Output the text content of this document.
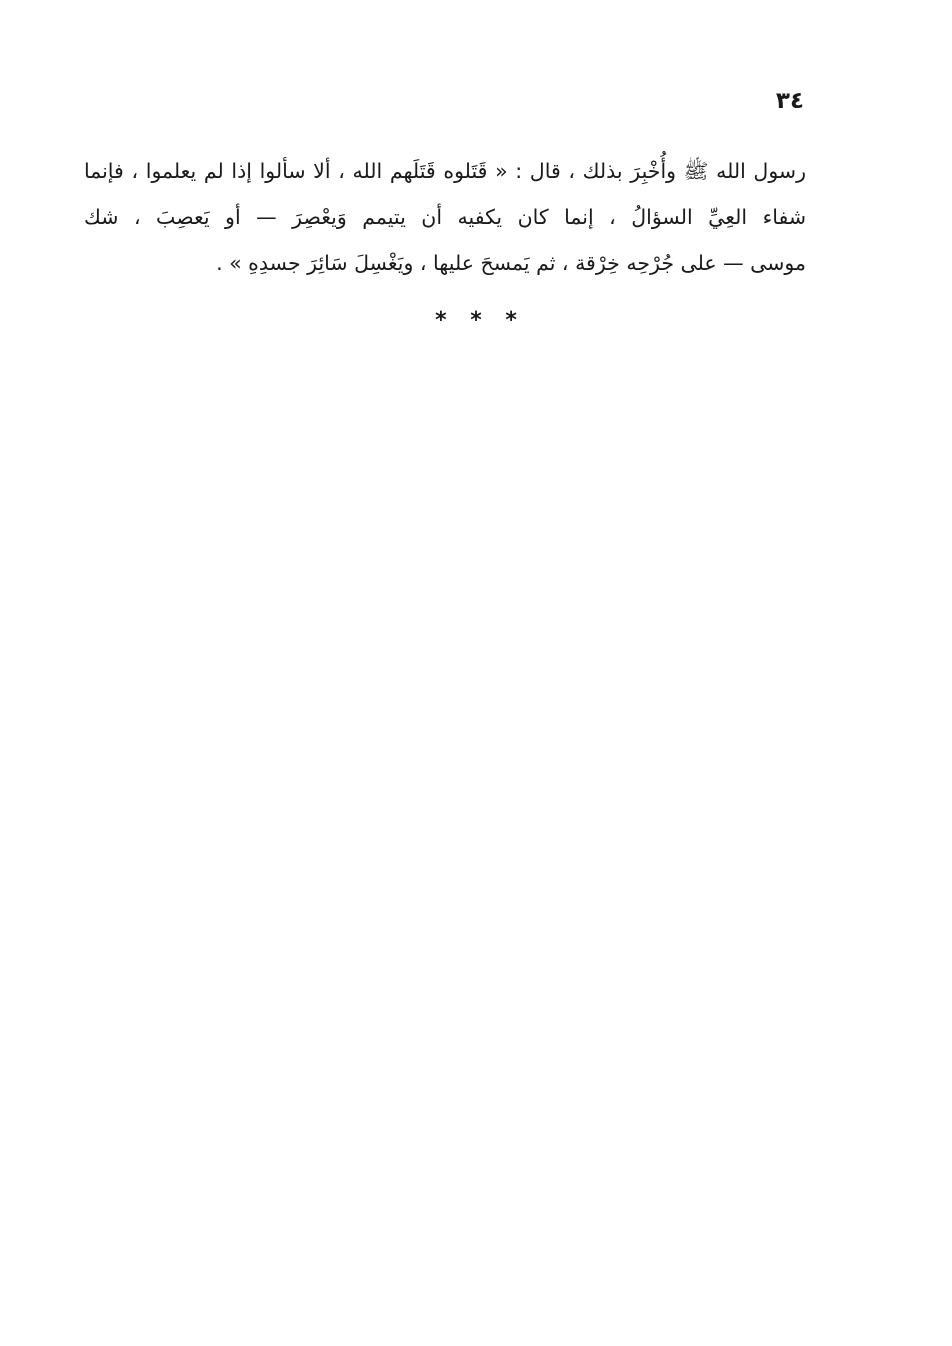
٣٤
رسول الله ﷺ وأُخْبِرَ بذلك ، قال : « قَتَلوه قَتَلَهم الله ، ألا سألوا إذا لم يعلموا ، فإنما
شفاء العِيِّ السؤالُ ، إنما كان يكفيه أن يتيمم وَيعْصِرَ — أو يَعصِبَ ، شك
موسى — على جُرْحِه خِرْقة ، ثم يَمسحَ عليها ، ويَغْسِلَ سَائِرَ جسدِهِ » .
* * *
